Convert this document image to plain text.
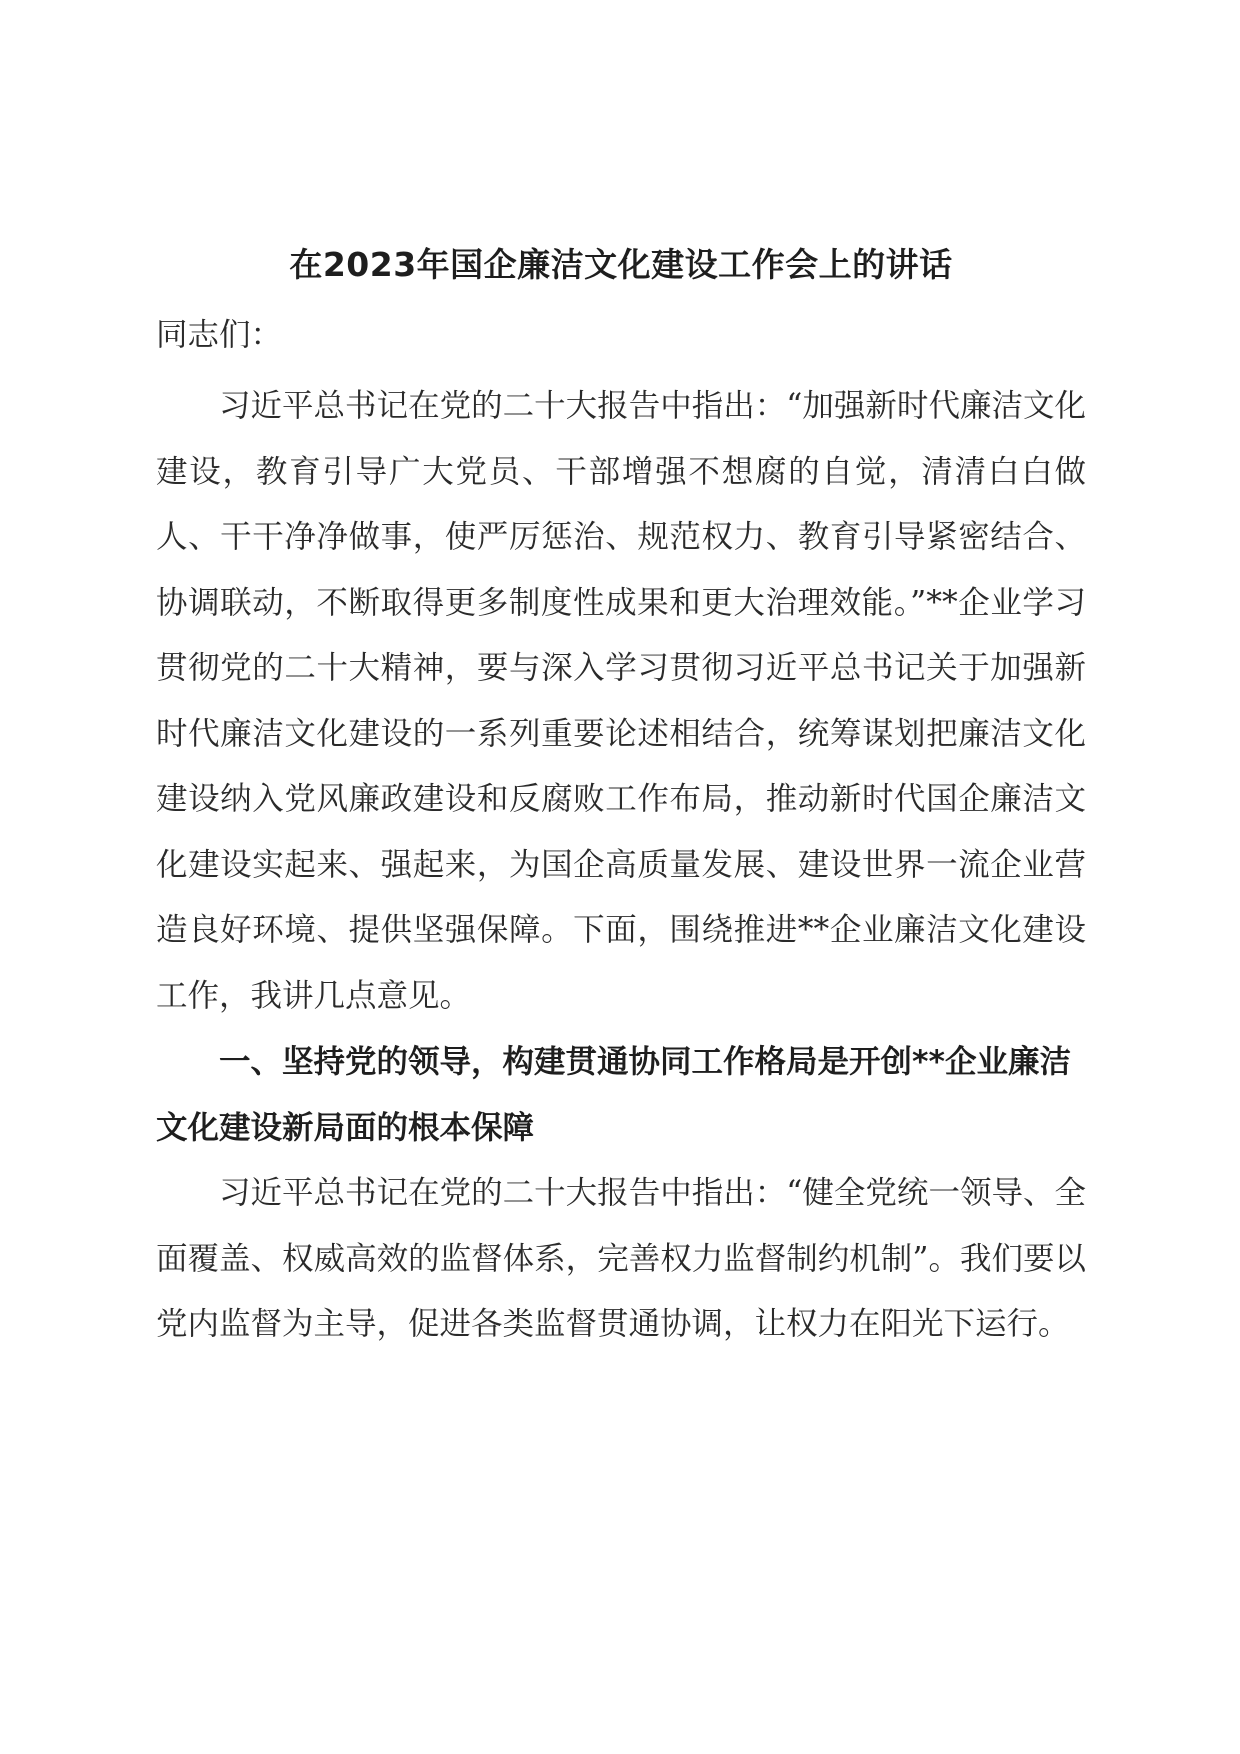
在2023年国企廉洁文化建设工作会上的讲话

同志们：

习近平总书记在党的二十大报告中指出：“加强新时代廉洁文化建设，教育引导广大党员、干部增强不想腐的自觉，清清白白做人、干干净净做事，使严厉惩治、规范权力、教育引导紧密结合、协调联动，不断取得更多制度性成果和更大治理效能。”**企业学习贯彻党的二十大精神，要与深入学习贯彻习近平总书记关于加强新时代廉洁文化建设的一系列重要论述相结合，统筹谋划把廉洁文化建设纳入党风廉政建设和反腐败工作布局，推动新时代国企廉洁文化建设实起来、强起来，为国企高质量发展、建设世界一流企业营造良好环境、提供坚强保障。下面，围绕推进**企业廉洁文化建设工作，我讲几点意见。

一、坚持党的领导，构建贯通协同工作格局是开创**企业廉洁文化建设新局面的根本保障

习近平总书记在党的二十大报告中指出：“健全党统一领导、全面覆盖、权威高效的监督体系，完善权力监督制约机制”。我们要以党内监督为主导，促进各类监督贯通协调，让权力在阳光下运行。
